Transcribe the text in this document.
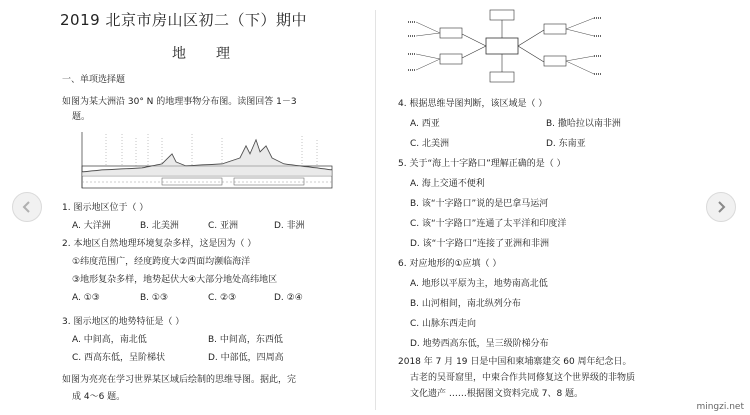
2019 北京市房山区初二（下）期中
地理
一、单项选择题
如图为某大洲沿 30° N 的地理事物分布图。读图回答 1－3
题。
1. 图示地区位于（ ）
A. 大洋洲	B. 北美洲	C. 亚洲	D. 非洲
2. 本地区自然地理环境复杂多样，这是因为（ ）
①纬度范围广，经度跨度大②西面均濒临海洋
③地形复杂多样，地势起伏大④大部分地处高纬地区
A. ①③	B. ①③	C. ②③	D. ②④
3. 图示地区的地势特征是（ ）
A. 中间高，南北低	B. 中间高，东西低
C. 西高东低，呈阶梯状	D. 中部低，四周高
如图为亮亮在学习世界某区域后绘制的思维导图。据此，完
成 4～6 题。
4. 根据思维导图判断，该区域是（ ）
A. 西亚	B. 撒哈拉以南非洲
C. 北美洲	D. 东南亚
5. 关于“海上十字路口”理解正确的是（ ）
A. 海上交通不便利
B. 该“十字路口”说的是巴拿马运河
C. 该“十字路口”连通了太平洋和印度洋
D. 该“十字路口”连接了亚洲和非洲
6. 对应地形的①应填（ ）
A. 地形以平原为主，地势南高北低
B. 山河相间，南北纵列分布
C. 山脉东西走向
D. 地势西高东低，呈三级阶梯分布
2018 年 7 月 19 日是中国和柬埔寨建交 60 周年纪念日。
古老的吴哥窟里，中柬合作共同修复这个世界级的非物质
文化遗产 ……根据图文资料完成 7、8 题。
mingzi.net
